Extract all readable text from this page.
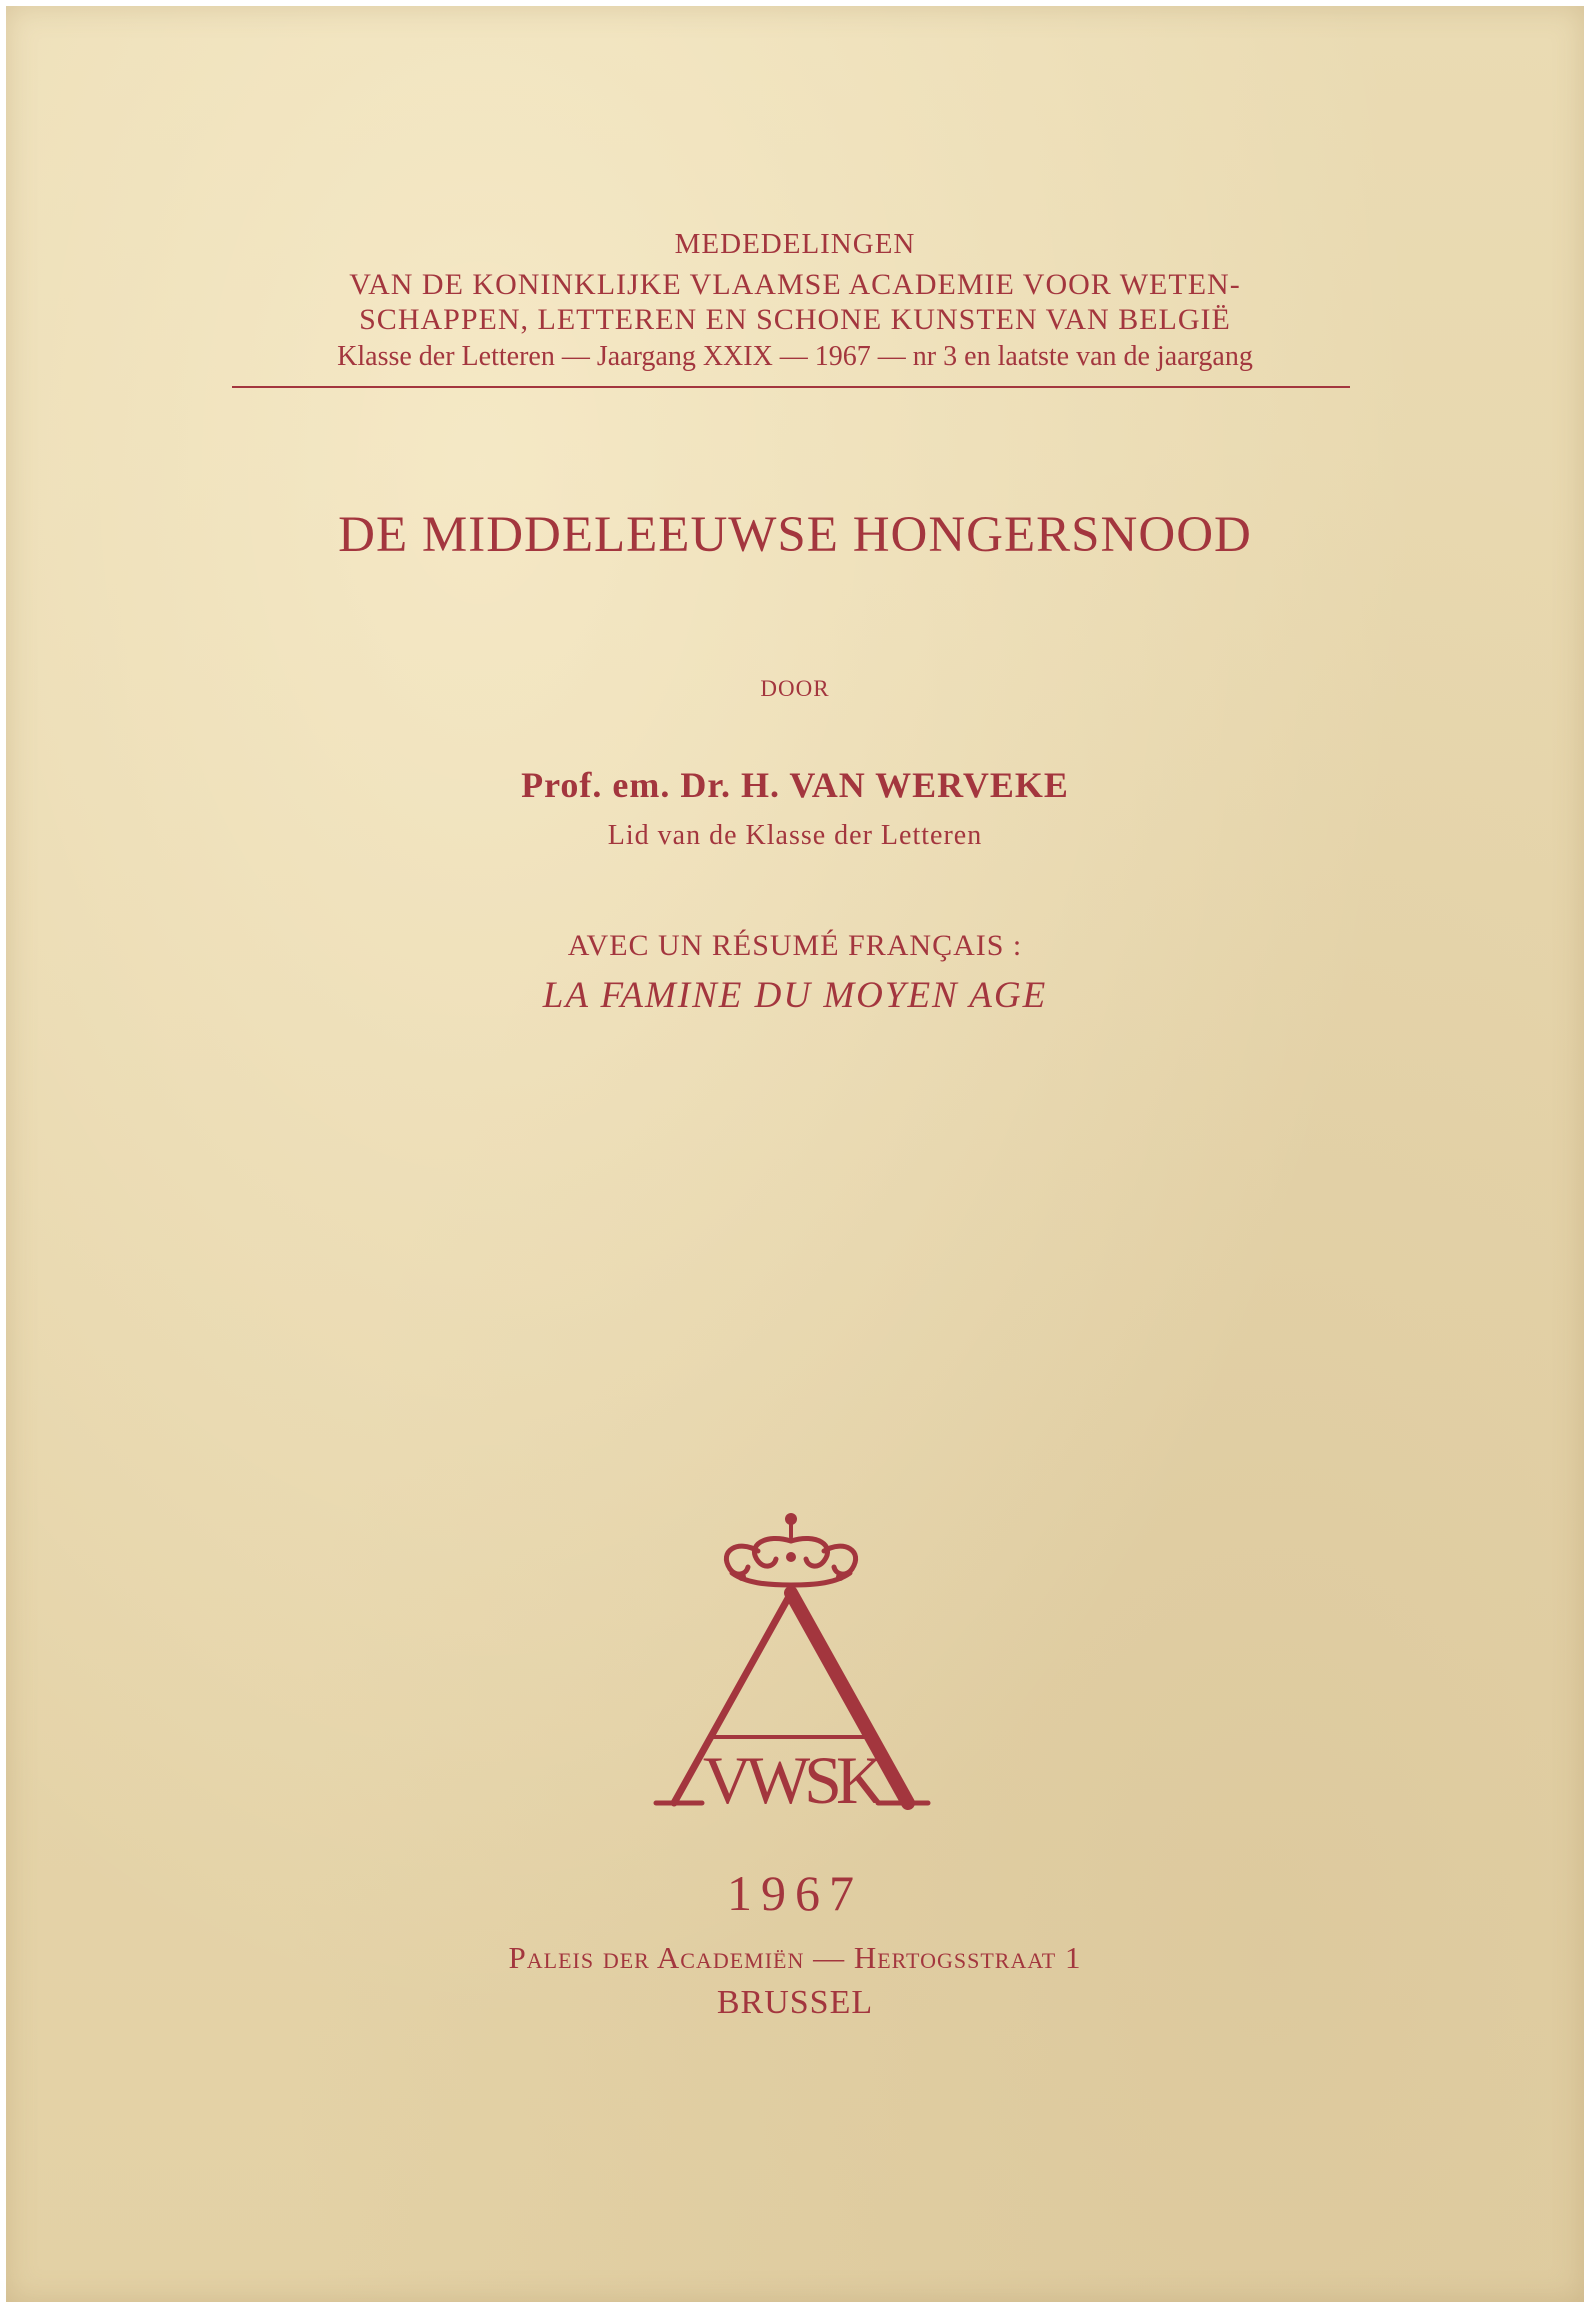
MEDEDELINGEN
VAN DE KONINKLIJKE VLAAMSE ACADEMIE VOOR WETEN-
SCHAPPEN, LETTEREN EN SCHONE KUNSTEN VAN BELGIË
Klasse der Letteren — Jaargang XXIX — 1967 — nr 3 en laatste van de jaargang
DE MIDDELEEUWSE HONGERSNOOD
DOOR
Prof. em. Dr. H. VAN WERVEKE
Lid van de Klasse der Letteren
AVEC UN RÉSUMÉ FRANÇAIS :
LA FAMINE DU MOYEN AGE
VWSK
1967
Paleis der Academiën — Hertogsstraat 1
BRUSSEL
